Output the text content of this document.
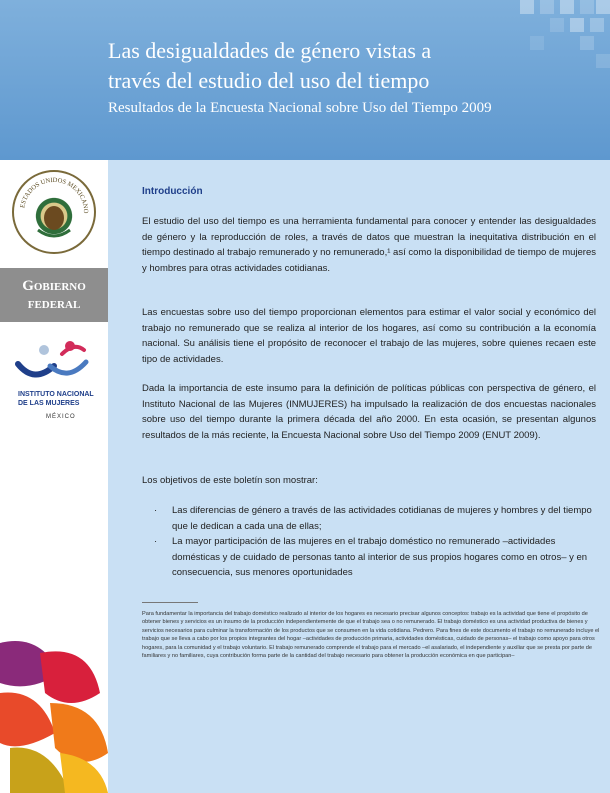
Las desigualdades de género vistas a
través del estudio del uso del tiempo

Resultados de la Encuesta Nacional sobre Uso del Tiempo 2009

ESTADOS UNIDOS MEXICANO
Gobierno
federal
INSTITUTO NACIONAL
DE LAS MUJERES
MÉXICO
Introducción

El estudio del uso del tiempo es una herramienta fundamental para conocer y entender las desigualdades de género y la reproducción de roles, a través de datos que muestran la inequitativa distribución en el tiempo destinado al trabajo remunerado y no remunerado,¹ así como la disponibilidad de tiempo de mujeres y hombres para otras actividades cotidianas.

Las encuestas sobre uso del tiempo proporcionan elementos para estimar el valor social y económico del trabajo no remunerado que se realiza al interior de los hogares, así como su contribución a la economía nacional. Su análisis tiene el propósito de reconocer el trabajo de las mujeres, sobre quienes recaen este tipo de actividades.

Dada la importancia de este insumo para la definición de políticas públicas con perspectiva de género, el Instituto Nacional de las Mujeres (INMUJERES) ha impulsado la realización de dos encuestas nacionales sobre uso del tiempo durante la primera década del año 2000. En esta ocasión, se presentan algunos resultados de la más reciente, la Encuesta Nacional sobre Uso del Tiempo 2009 (ENUT 2009).

Los objetivos de este boletín son mostrar:

·	Las diferencias de género a través de las actividades cotidianas de mujeres y hombres y del tiempo que le dedican a cada una de ellas;
·	La mayor participación de las mujeres en el trabajo doméstico no remunerado –actividades domésticas y de cuidado de personas tanto al interior de sus propios hogares como en otros– y en consecuencia, sus menores oportunidades

Para fundamentar la importancia del trabajo doméstico realizado al interior de los hogares es necesario precisar algunos conceptos: trabajo es la actividad que tiene el propósito de obtener bienes y servicios es un insumo de la producción independientemente de que el trabajo sea o no remunerado. El trabajo doméstico es una actividad productiva de bienes y servicios necesarios para culminar la transformación de los productos que se consumen en la vida cotidiana. Pedrero. Para fines de este documento el trabajo no remunerado incluye el trabajo que se lleva a cabo por los propios integrantes del hogar –actividades de producción primaria, actividades domésticas, cuidado de personas– el trabajo como apoyo para otros hogares, para la comunidad y el trabajo voluntario. El trabajo remunerado comprende el trabajo para el mercado –el asalariado, el independiente y auxiliar que se presta por parte de familiares y no familiares, cuya contribución forma parte de la cantidad del trabajo necesario para obtener la producción económica en que participan–
